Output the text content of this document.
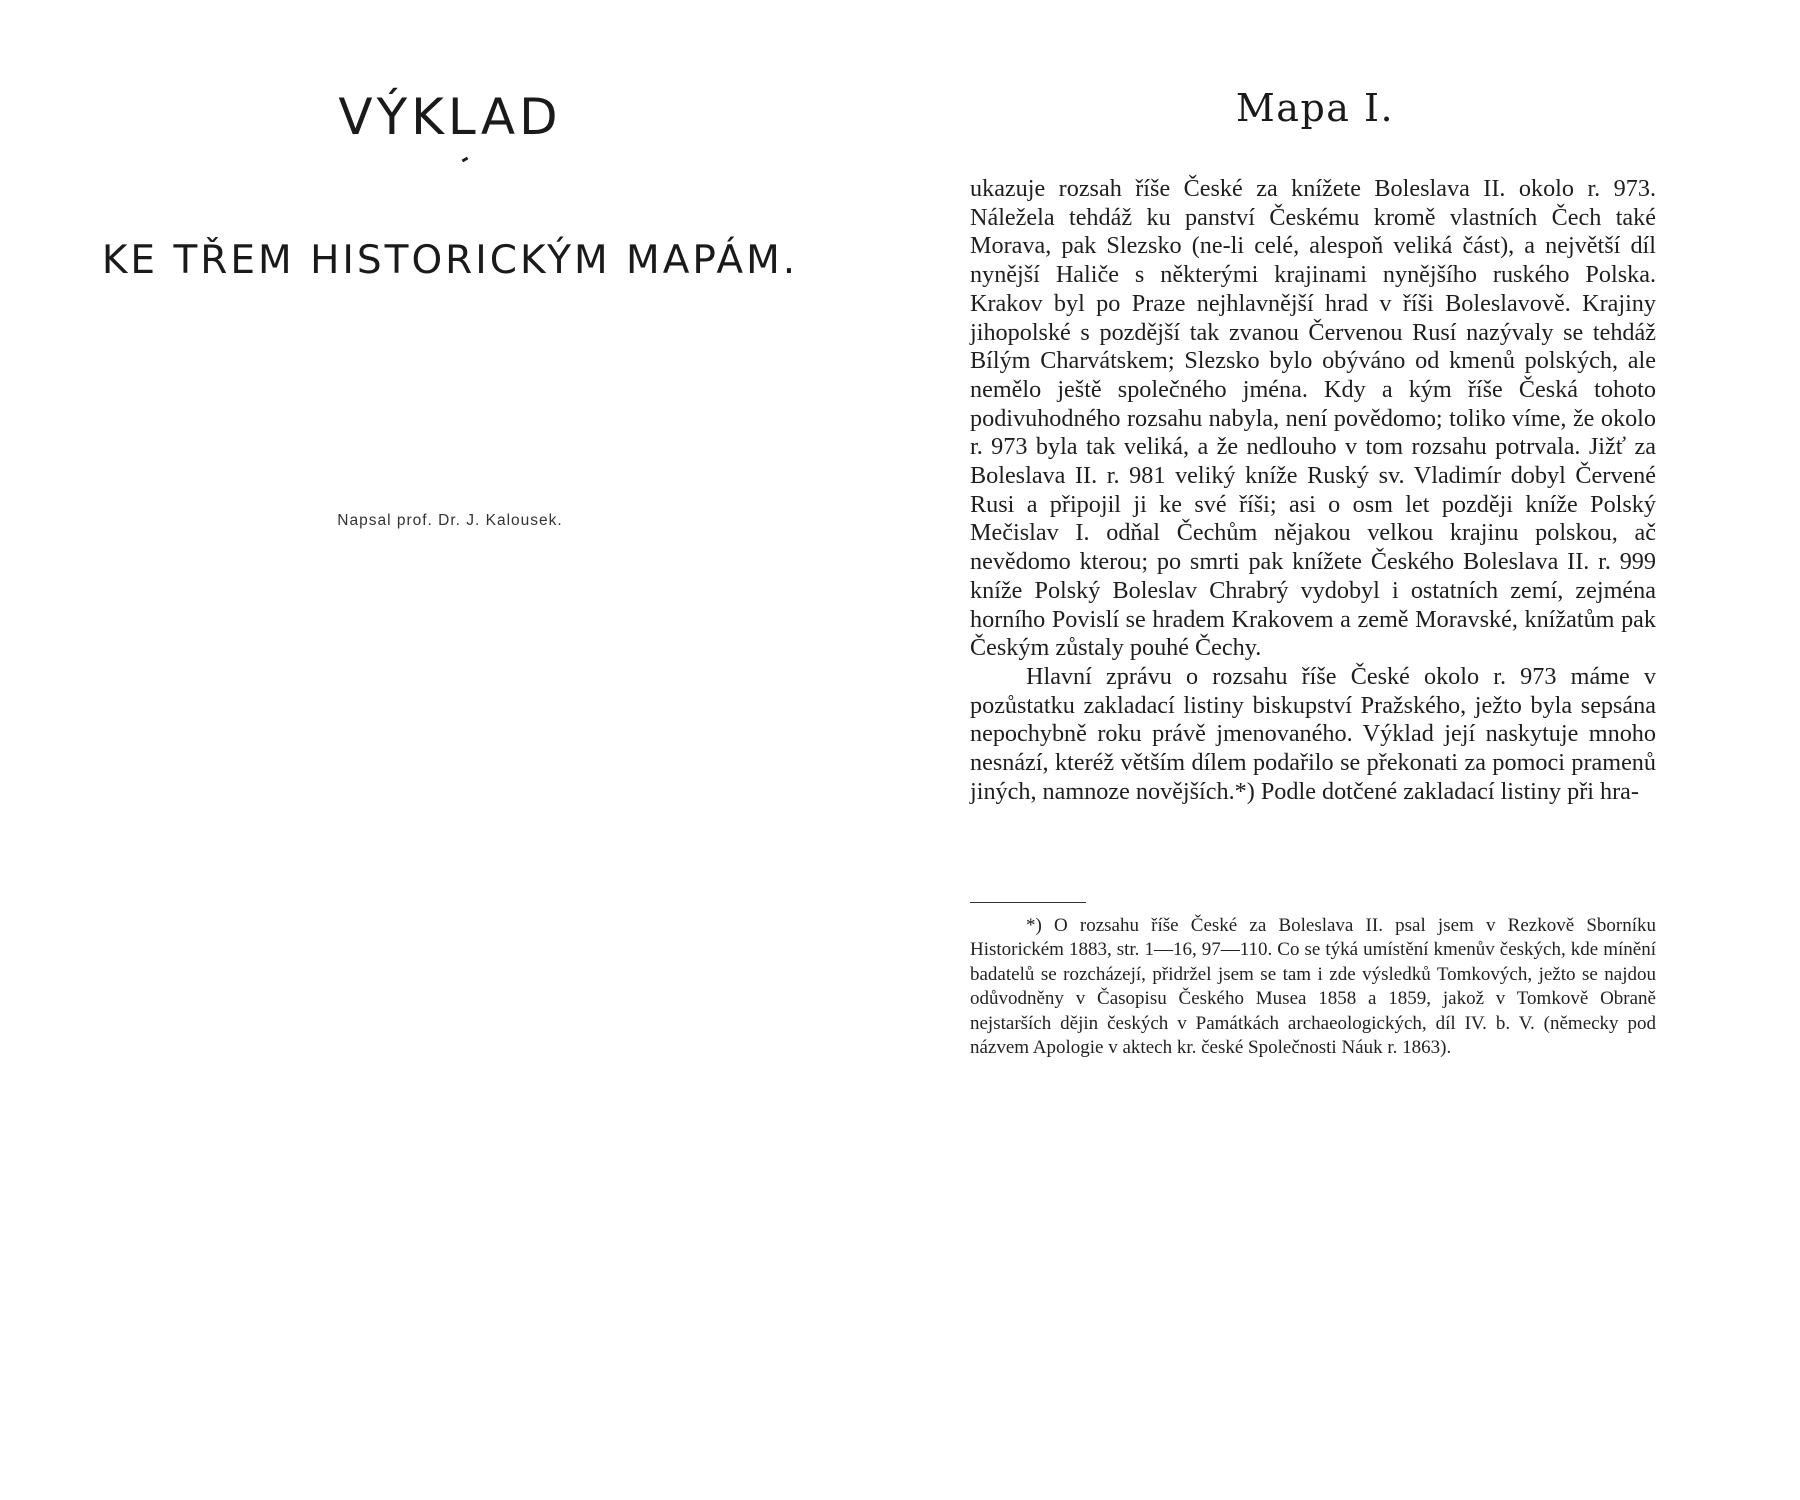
VÝKLAD
KE TŘEM HISTORICKÝM MAPÁM.
Napsal prof. Dr. J. Kalousek.
Mapa I.

ukazuje rozsah říše České za knížete Boleslava II. okolo r. 973. Náležela tehdáž ku panství Českému kromě vlastních Čech také Morava, pak Slezsko (ne-li celé, alespoň veliká část), a největší díl nynější Haliče s některými krajinami nynějšího ruského Polska. Krakov byl po Praze nejhlavnější hrad v říši Boleslavově. Krajiny jihopolské s pozdější tak zvanou Červenou Rusí nazývaly se tehdáž Bílým Charvátskem; Slezsko bylo obýváno od kmenů polských, ale nemělo ještě společného jména. Kdy a kým říše Česká tohoto podivuhodného rozsahu nabyla, není povědomo; toliko víme, že okolo r. 973 byla tak veliká, a že nedlouho v tom rozsahu potrvala. Jižť za Boleslava II. r. 981 veliký kníže Ruský sv. Vladimír dobyl Červené Rusi a připojil ji ke své říši; asi o osm let později kníže Polský Mečislav I. odňal Čechům nějakou velkou krajinu polskou, ač nevědomo kterou; po smrti pak knížete Českého Boleslava II. r. 999 kníže Polský Boleslav Chrabrý vydobyl i ostatních zemí, zejména horního Povislí se hradem Krakovem a země Moravské, knížatům pak Českým zůstaly pouhé Čechy.

Hlavní zprávu o rozsahu říše České okolo r. 973 máme v pozůstatku zakladací listiny biskupství Pražského, ježto byla sepsána nepochybně roku právě jmenovaného. Výklad její naskytuje mnoho nesnází, kteréž větším dílem podařilo se překonati za pomoci pramenů jiných, namnoze novějších.*) Podle dotčené zakladací listiny při hra-

*) O rozsahu říše České za Boleslava II. psal jsem v Rezkově Sborníku Historickém 1883, str. 1—16, 97—110. Co se týká umístění kmenův českých, kde mínění badatelů se rozcházejí, přidržel jsem se tam i zde výsledků Tomkových, ježto se najdou odůvodněny v Časopisu Českého Musea 1858 a 1859, jakož v Tomkově Obraně nejstarších dějin českých v Památkách archaeologických, díl IV. b. V. (německy pod názvem Apologie v aktech kr. české Společnosti Náuk r. 1863).
